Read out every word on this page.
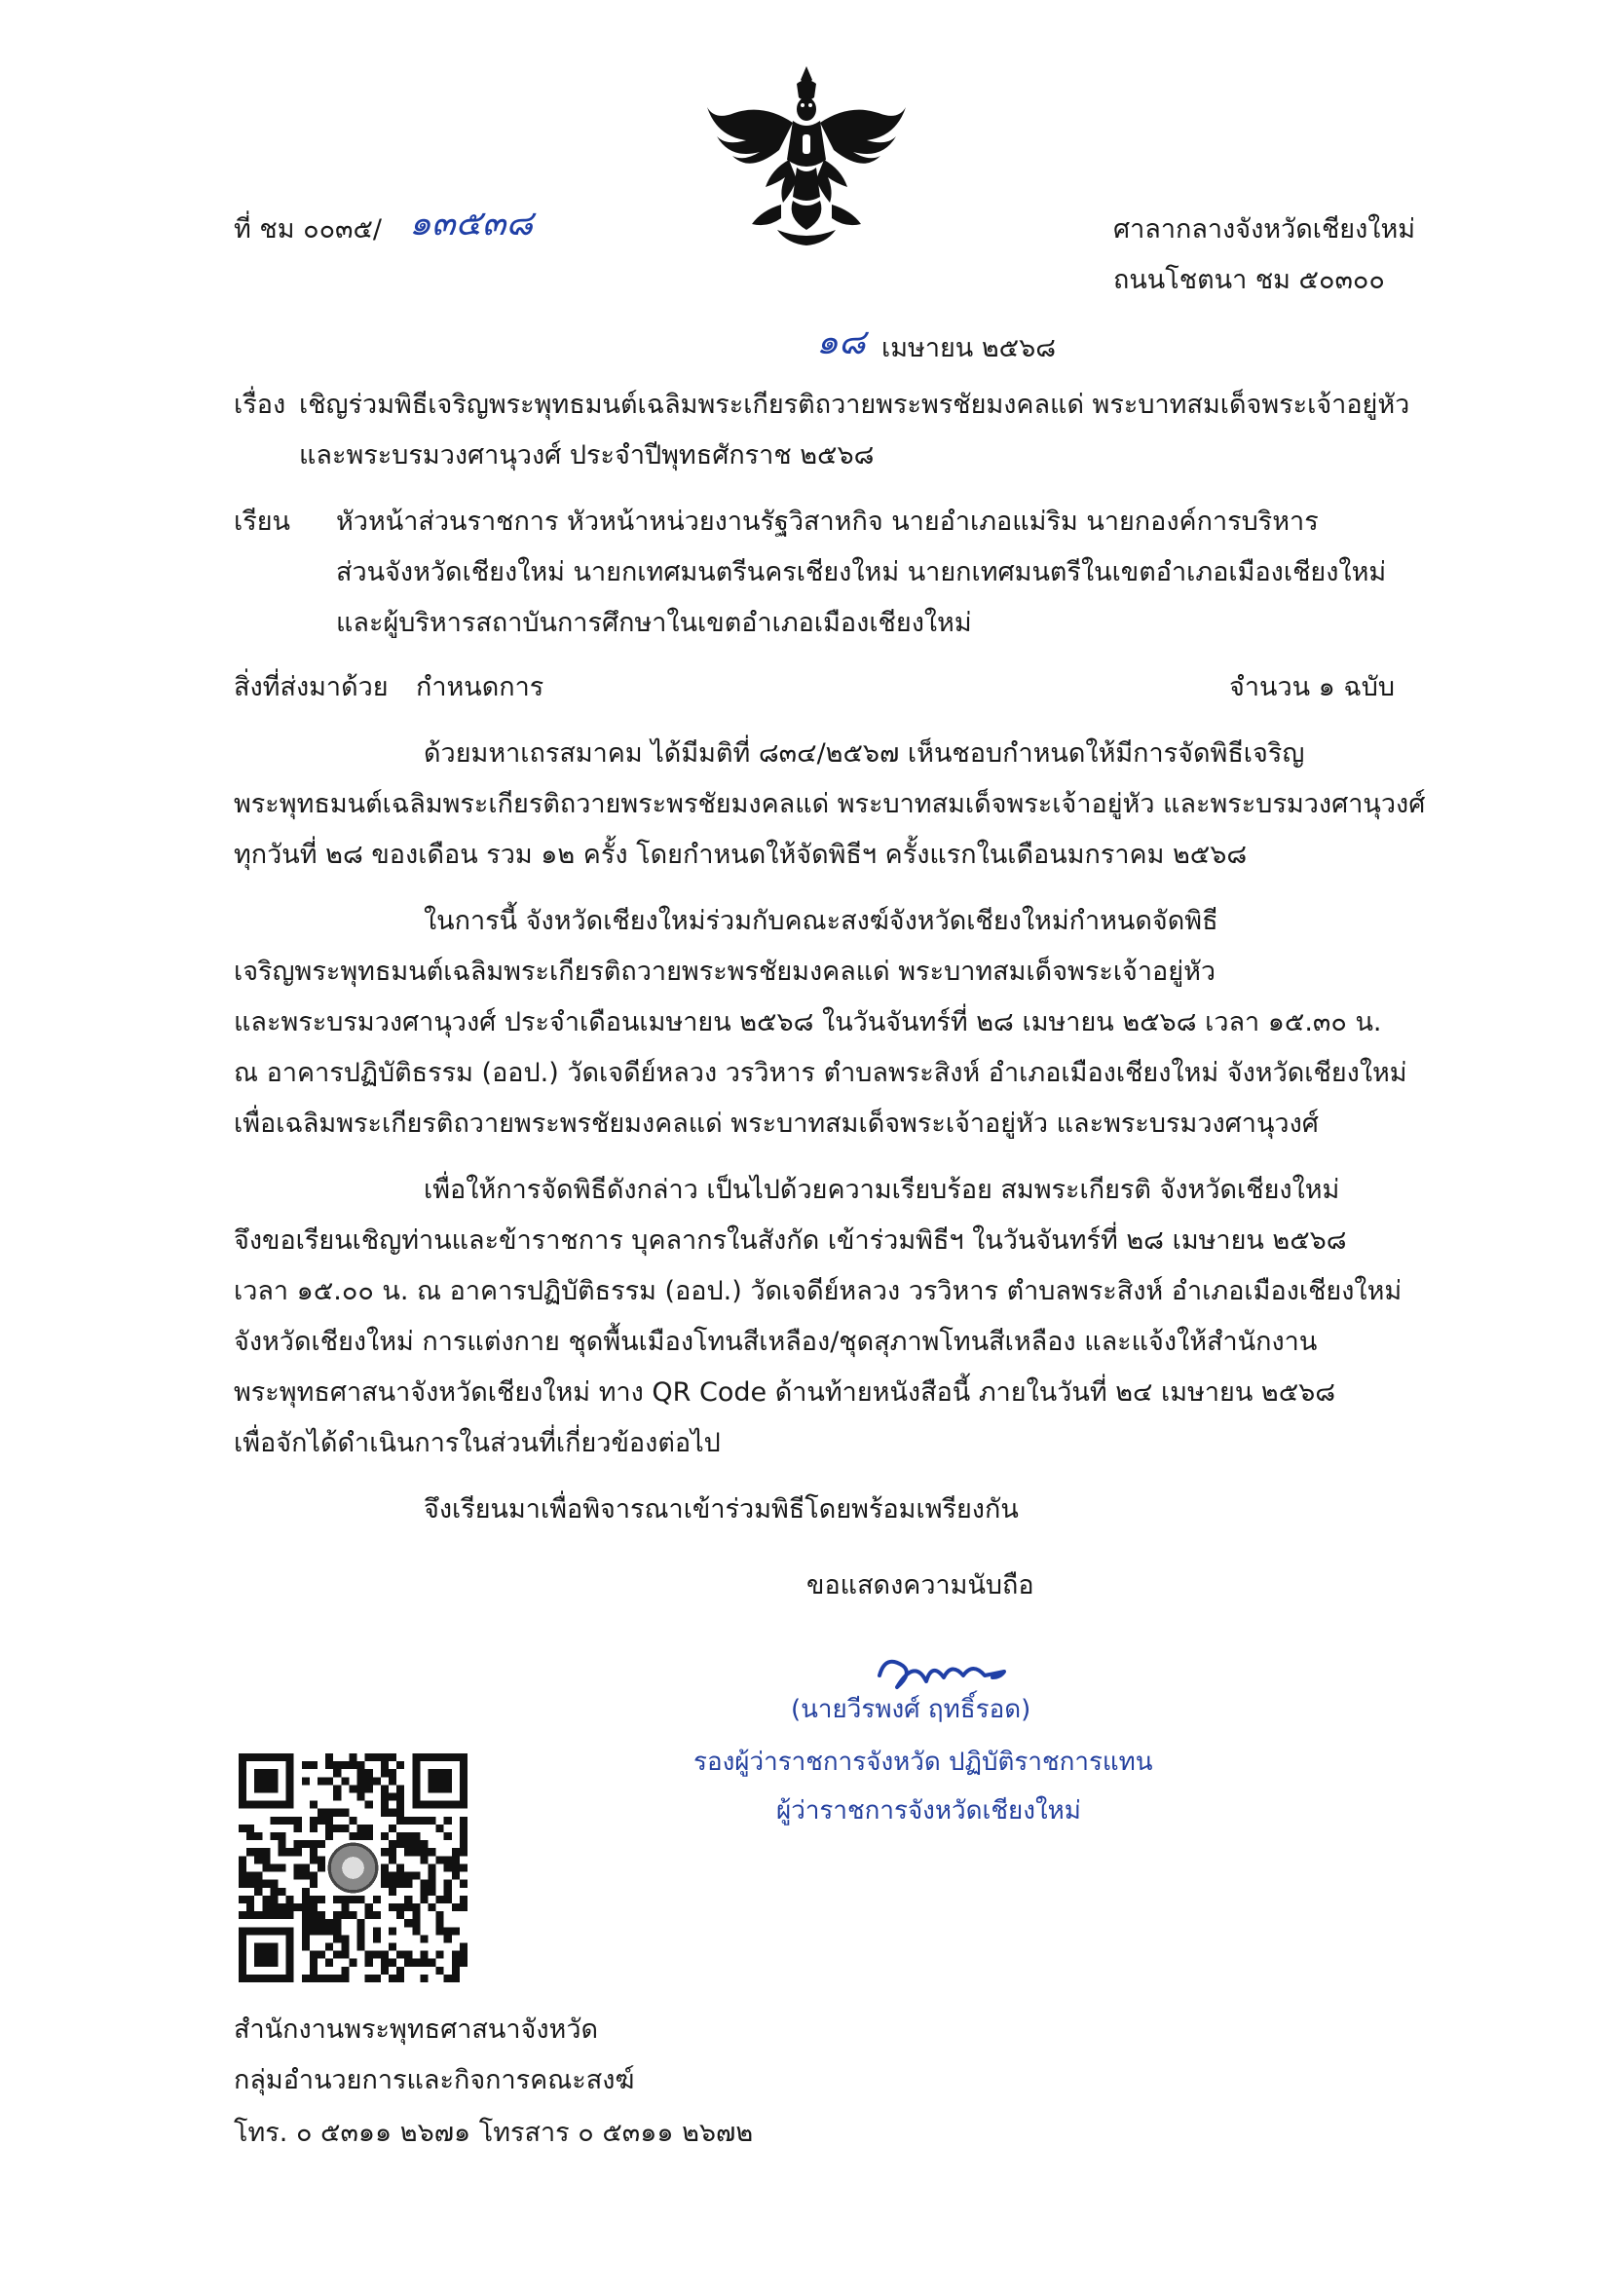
ที่ ชม ๐๐๓๕/ ๑๓๕๓๘	ศาลากลางจังหวัดเชียงใหม่
ถนนโชตนา ชม ๕๐๓๐๐
๑๘ เมษายน ๒๕๖๘
เรื่อง เชิญร่วมพิธีเจริญพระพุทธมนต์เฉลิมพระเกียรติถวายพระพรชัยมงคลแด่ พระบาทสมเด็จพระเจ้าอยู่หัว
และพระบรมวงศานุวงศ์ ประจำปีพุทธศักราช ๒๕๖๘
เรียน หัวหน้าส่วนราชการ หัวหน้าหน่วยงานรัฐวิสาหกิจ นายอำเภอแม่ริม นายกองค์การบริหาร
ส่วนจังหวัดเชียงใหม่ นายกเทศมนตรีนครเชียงใหม่ นายกเทศมนตรีในเขตอำเภอเมืองเชียงใหม่
และผู้บริหารสถาบันการศึกษาในเขตอำเภอเมืองเชียงใหม่
สิ่งที่ส่งมาด้วย กำหนดการ	จำนวน ๑ ฉบับ
ด้วยมหาเถรสมาคม ได้มีมติที่ ๘๓๔/๒๕๖๗ เห็นชอบกำหนดให้มีการจัดพิธีเจริญ
พระพุทธมนต์เฉลิมพระเกียรติถวายพระพรชัยมงคลแด่ พระบาทสมเด็จพระเจ้าอยู่หัว และพระบรมวงศานุวงศ์
ทุกวันที่ ๒๘ ของเดือน รวม ๑๒ ครั้ง โดยกำหนดให้จัดพิธีฯ ครั้งแรกในเดือนมกราคม ๒๕๖๘
ในการนี้ จังหวัดเชียงใหม่ร่วมกับคณะสงฆ์จังหวัดเชียงใหม่กำหนดจัดพิธี
เจริญพระพุทธมนต์เฉลิมพระเกียรติถวายพระพรชัยมงคลแด่ พระบาทสมเด็จพระเจ้าอยู่หัว
และพระบรมวงศานุวงศ์ ประจำเดือนเมษายน ๒๕๖๘ ในวันจันทร์ที่ ๒๘ เมษายน ๒๕๖๘ เวลา ๑๕.๓๐ น.
ณ อาคารปฏิบัติธรรม (ออป.) วัดเจดีย์หลวง วรวิหาร ตำบลพระสิงห์ อำเภอเมืองเชียงใหม่ จังหวัดเชียงใหม่
เพื่อเฉลิมพระเกียรติถวายพระพรชัยมงคลแด่ พระบาทสมเด็จพระเจ้าอยู่หัว และพระบรมวงศานุวงศ์
เพื่อให้การจัดพิธีดังกล่าว เป็นไปด้วยความเรียบร้อย สมพระเกียรติ จังหวัดเชียงใหม่
จึงขอเรียนเชิญท่านและข้าราชการ บุคลากรในสังกัด เข้าร่วมพิธีฯ ในวันจันทร์ที่ ๒๘ เมษายน ๒๕๖๘
เวลา ๑๕.๐๐ น. ณ อาคารปฏิบัติธรรม (ออป.) วัดเจดีย์หลวง วรวิหาร ตำบลพระสิงห์ อำเภอเมืองเชียงใหม่
จังหวัดเชียงใหม่ การแต่งกาย ชุดพื้นเมืองโทนสีเหลือง/ชุดสุภาพโทนสีเหลือง และแจ้งให้สำนักงาน
พระพุทธศาสนาจังหวัดเชียงใหม่ ทาง QR Code ด้านท้ายหนังสือนี้ ภายในวันที่ ๒๔ เมษายน ๒๕๖๘
เพื่อจักได้ดำเนินการในส่วนที่เกี่ยวข้องต่อไป
จึงเรียนมาเพื่อพิจารณาเข้าร่วมพิธีโดยพร้อมเพรียงกัน
ขอแสดงความนับถือ
(นายวีรพงศ์ ฤทธิ์รอด)
รองผู้ว่าราชการจังหวัด ปฏิบัติราชการแทน
ผู้ว่าราชการจังหวัดเชียงใหม่
สำนักงานพระพุทธศาสนาจังหวัด
กลุ่มอำนวยการและกิจการคณะสงฆ์
โทร. ๐ ๕๓๑๑ ๒๖๗๑ โทรสาร ๐ ๕๓๑๑ ๒๖๗๒
